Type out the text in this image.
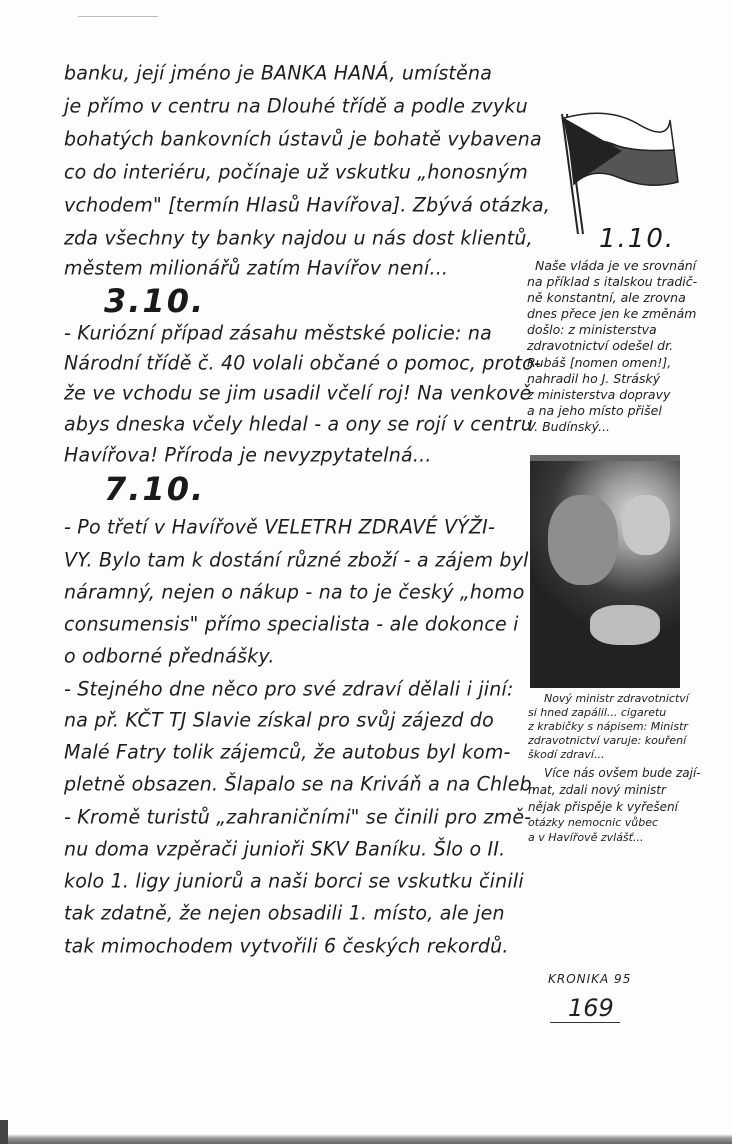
banku, její jméno je BANKA HANÁ, umístěna
je přímo v centru na Dlouhé třídě a podle zvyku
bohatých bankovních ústavů je bohatě vybavena
co do interiéru, počínaje už vskutku „honosným
vchodem" [termín Hlasů Havířova]. Zbývá otázka,
zda všechny ty banky najdou u nás dost klientů,
městem milionářů zatím Havířov není...
3.10.
- Kuriózní případ zásahu městské policie: na
Národní třídě č. 40 volali občané o pomoc, proto-
že ve vchodu se jim usadil včelí roj! Na venkově
abys dneska včely hledal - a ony se rojí v centru
Havířova! Příroda je nevyzpytatelná...
7.10.
- Po třetí v Havířově VELETRH ZDRAVÉ VÝŽI-
VY. Bylo tam k dostání různé zboží - a zájem byl
náramný, nejen o nákup - na to je český „homo
consumensis" přímo specialista - ale dokonce i
o odborné přednášky.
- Stejného dne něco pro své zdraví dělali i jiní:
na př. KČT TJ Slavie získal pro svůj zájezd do
Malé Fatry tolik zájemců, že autobus byl kom-
pletně obsazen. Šlapalo se na Kriváň a na Chleb.
- Kromě turistů „zahraničními" se činili pro změ-
nu doma vzpěrači junioři SKV Baníku. Šlo o II.
kolo 1. ligy juniorů a naši borci se vskutku činili
tak zdatně, že nejen obsadili 1. místo, ale jen
tak mimochodem vytvořili 6 českých rekordů.
1.10.
Naše vláda je ve srovnání
na příklad s italskou tradič-
ně konstantní, ale zrovna
dnes přece jen ke změnám
došlo: z ministerstva
zdravotnictví odešel dr.
Rubáš [nomen omen!],
nahradil ho J. Stráský
z ministerstva dopravy
a na jeho místo přišel
V. Budínský...
Nový ministr zdravotnictví
si hned zapálil... cigaretu
z krabičky s nápisem: Ministr
zdravotnictví varuje: kouření
škodí zdraví...
Více nás ovšem bude zají-
mat, zdali nový ministr
nějak přispěje k vyřešení
otázky nemocnic vůbec
a v Havířově zvlášť...
KRONIKA 95
169
